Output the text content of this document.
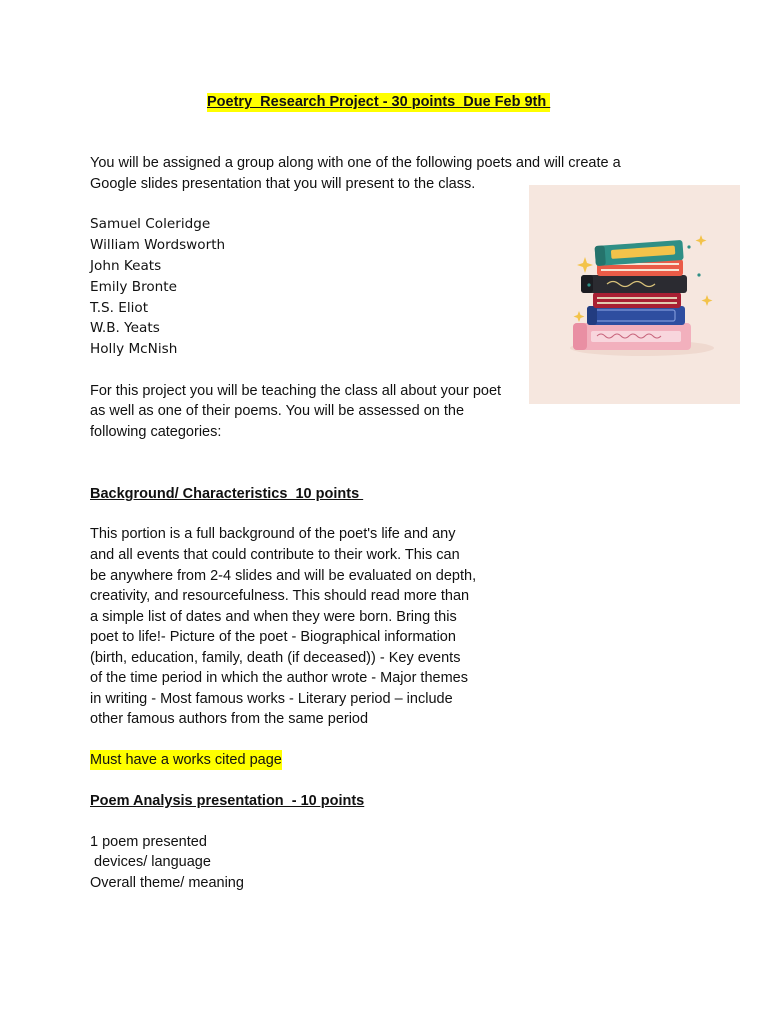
Poetry  Research Project - 30 points  Due Feb 9th
You will be assigned a group along with one of the following poets and will create a
Google slides presentation that you will present to the class.
Samuel Coleridge
William Wordsworth
John Keats
Emily Bronte
T.S. Eliot
W.B. Yeats
Holly McNish
For this project you will be teaching the class all about your poet
as well as one of their poems. You will be assessed on the
following categories:
Background/ Characteristics  10 points
This portion is a full background of the poet's life and any
and all events that could contribute to their work. This can
be anywhere from 2-4 slides and will be evaluated on depth,
creativity, and resourcefulness. This should read more than
a simple list of dates and when they were born. Bring this
poet to life!- Picture of the poet - Biographical information
(birth, education, family, death (if deceased)) - Key events
of the time period in which the author wrote - Major themes
in writing - Most famous works - Literary period – include
other famous authors from the same period
Must have a works cited page
Poem Analysis presentation  - 10 points
1 poem presented
devices/ language
Overall theme/ meaning
